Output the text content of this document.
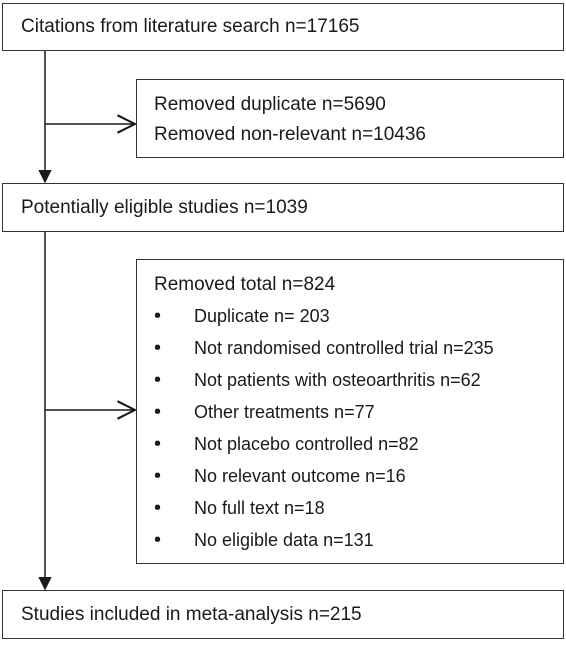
Citations from literature search n=17165
Removed duplicate n=5690
Removed non-relevant n=10436
Potentially eligible studies n=1039
Removed total n=824
•	Duplicate n= 203
•	Not randomised controlled trial n=235
•	Not patients with osteoarthritis n=62
•	Other treatments n=77
•	Not placebo controlled n=82
•	No relevant outcome n=16
•	No full text n=18
•	No eligible data n=131
Studies included in meta-analysis n=215
